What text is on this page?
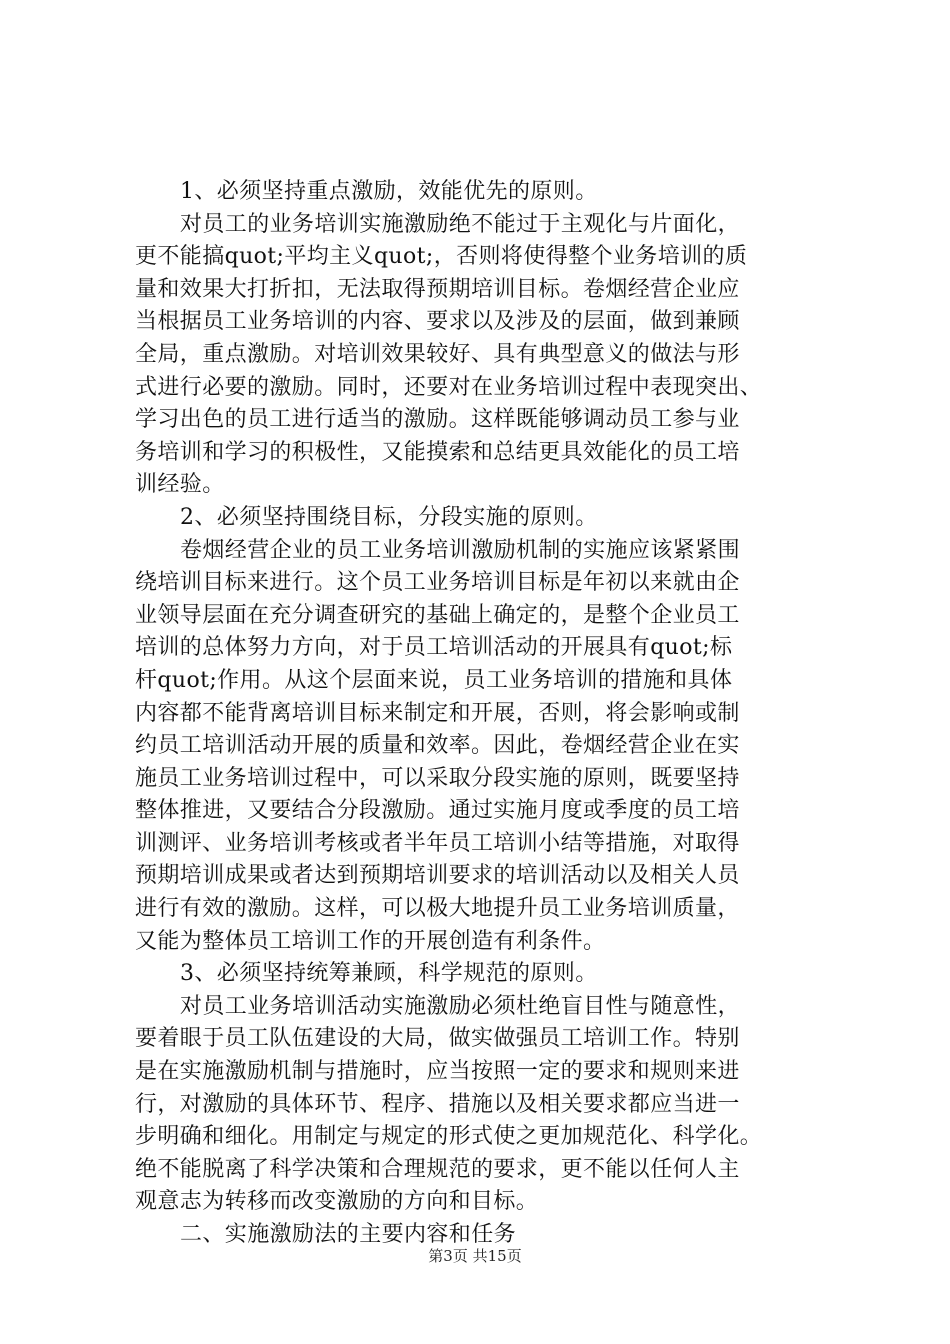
1、必须坚持重点激励，效能优先的原则。
对员工的业务培训实施激励绝不能过于主观化与片面化，
更不能搞quot;平均主义quot;，否则将使得整个业务培训的质
量和效果大打折扣，无法取得预期培训目标。卷烟经营企业应
当根据员工业务培训的内容、要求以及涉及的层面，做到兼顾
全局，重点激励。对培训效果较好、具有典型意义的做法与形
式进行必要的激励。同时，还要对在业务培训过程中表现突出、
学习出色的员工进行适当的激励。这样既能够调动员工参与业
务培训和学习的积极性，又能摸索和总结更具效能化的员工培
训经验。
2、必须坚持围绕目标，分段实施的原则。
卷烟经营企业的员工业务培训激励机制的实施应该紧紧围
绕培训目标来进行。这个员工业务培训目标是年初以来就由企
业领导层面在充分调查研究的基础上确定的，是整个企业员工
培训的总体努力方向，对于员工培训活动的开展具有quot;标
杆quot;作用。从这个层面来说，员工业务培训的措施和具体
内容都不能背离培训目标来制定和开展，否则，将会影响或制
约员工培训活动开展的质量和效率。因此，卷烟经营企业在实
施员工业务培训过程中，可以采取分段实施的原则，既要坚持
整体推进，又要结合分段激励。通过实施月度或季度的员工培
训测评、业务培训考核或者半年员工培训小结等措施，对取得
预期培训成果或者达到预期培训要求的培训活动以及相关人员
进行有效的激励。这样，可以极大地提升员工业务培训质量，
又能为整体员工培训工作的开展创造有利条件。
3、必须坚持统筹兼顾，科学规范的原则。
对员工业务培训活动实施激励必须杜绝盲目性与随意性，
要着眼于员工队伍建设的大局，做实做强员工培训工作。特别
是在实施激励机制与措施时，应当按照一定的要求和规则来进
行，对激励的具体环节、程序、措施以及相关要求都应当进一
步明确和细化。用制定与规定的形式使之更加规范化、科学化。
绝不能脱离了科学决策和合理规范的要求，更不能以任何人主
观意志为转移而改变激励的方向和目标。
二、实施激励法的主要内容和任务
第3页 共15页
